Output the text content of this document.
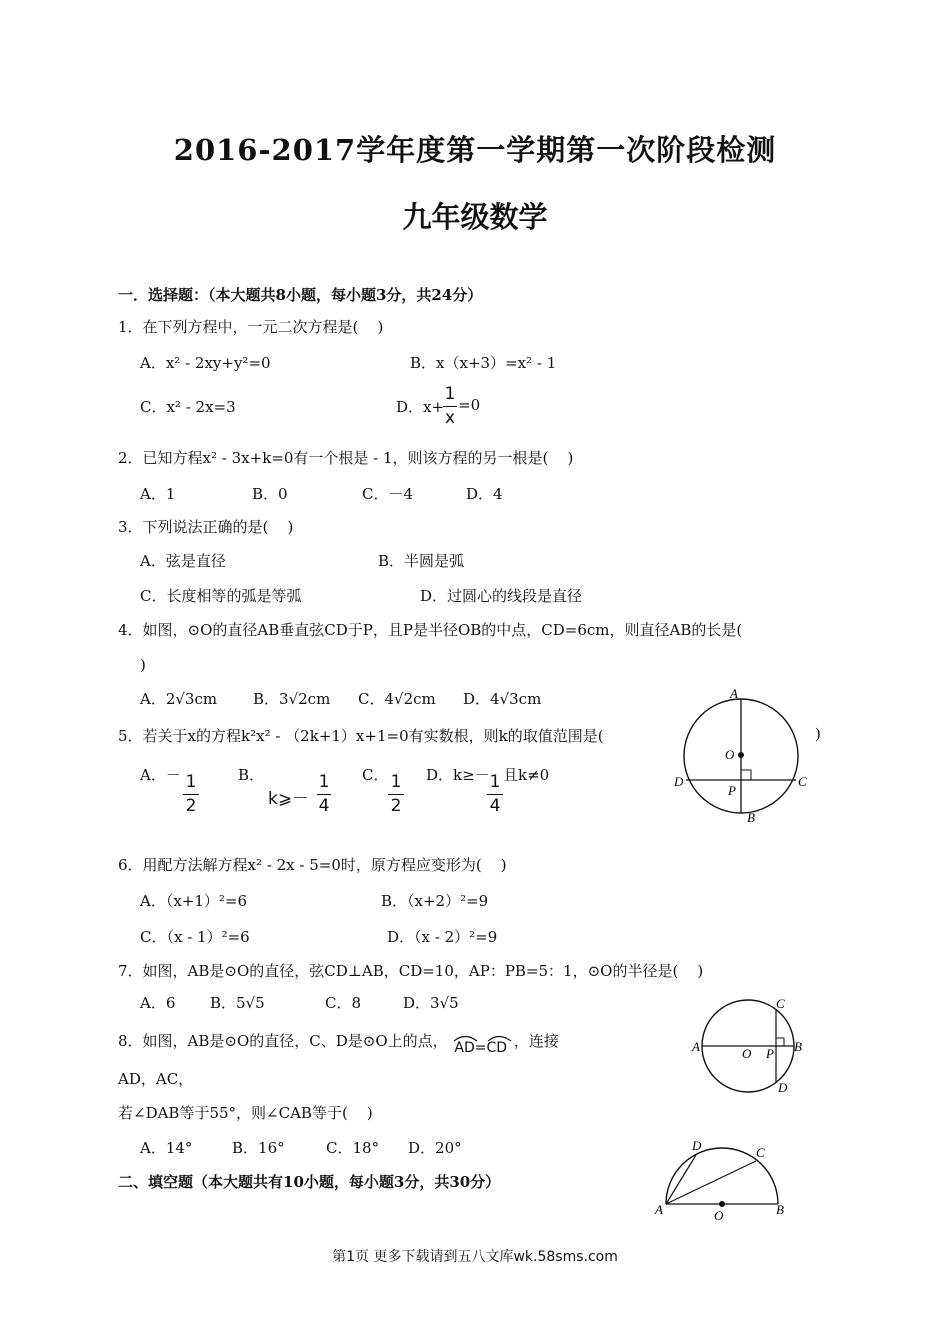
2016-2017学年度第一学期第一次阶段检测
九年级数学
一．选择题：（本大题共8小题，每小题3分，共24分）
1．在下列方程中，一元二次方程是(    )
A．x² - 2xy+y²=0	B．x（x+3）=x² - 1
C．x² - 2x=3	D．x+
1
x
=0
2．已知方程x² - 3x+k=0有一个根是 - 1，则该方程的另一根是(    )
A．1	B．0	C．－4	D．4
3．下列说法正确的是(    )
A．弦是直径	B．半圆是弧
C．长度相等的弧是等弧	D．过圆心的线段是直径
4．如图，⊙O的直径AB垂直弦CD于P，且P是半径OB的中点，CD=6cm，则直径AB的长是(
)
A．2√3cm B．3√2cm C．4√2cm D．4√3cm	A
O
D
P
C
B
5．若关于x的方程k²x² - （2k+1）x+1=0有实数根，则k的取值范围是(	)
A．－ 1
2
B．
k⩾－
1
4
C． 1
2
D．k≥－ 1
4
且k≠0
6．用配方法解方程x² - 2x - 5=0时，原方程应变形为(    )
A．（x+1）²=6	B．（x+2）²=9
C．（x - 1）²=6	D．（x - 2）²=9
7．如图，AB是⊙O的直径，弦CD⊥AB，CD=10，AP：PB=5：1，⊙O的半径是(    )
A．6 B．5√5	C．8	D．3√5	C
A	O P B
D
8．如图，AB是⊙O的直径，C、D是⊙O上的点， AD=CD ，连接
AD，AC，
若∠DAB等于55°，则∠CAB等于(    )
A．14°	B．16°	C．18° D．20°	D	C
A	O	B
二、填空题（本大题共有10小题，每小题3分，共30分）
第1页 更多下载请到五八文库wk.58sms.com
